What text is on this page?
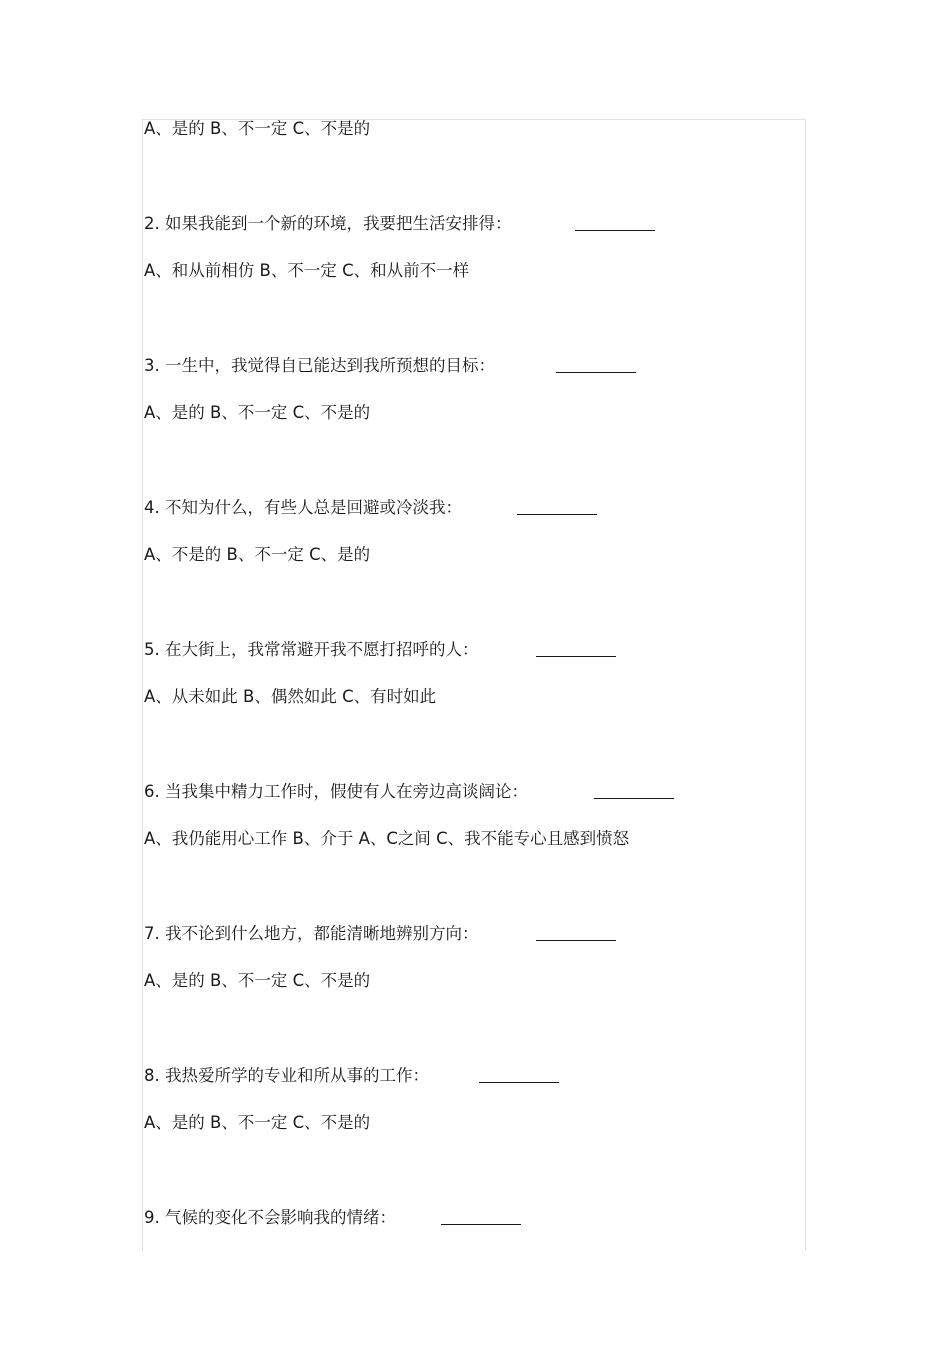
A、是的 B、不一定 C、不是的
2. 如果我能到一个新的环境，我要把生活安排得：
A、和从前相仿 B、不一定 C、和从前不一样
3. 一生中，我觉得自已能达到我所预想的目标：
A、是的 B、不一定 C、不是的
4. 不知为什么，有些人总是回避或冷淡我：
A、不是的 B、不一定 C、是的
5. 在大街上，我常常避开我不愿打招呼的人：
A、从未如此 B、偶然如此 C、有时如此
6. 当我集中精力工作时，假使有人在旁边高谈阔论：
A、我仍能用心工作 B、介于 A、C之间 C、我不能专心且感到愤怒
7. 我不论到什么地方，都能清晰地辨别方向：
A、是的 B、不一定 C、不是的
8. 我热爱所学的专业和所从事的工作：
A、是的 B、不一定 C、不是的
9. 气候的变化不会影响我的情绪：
